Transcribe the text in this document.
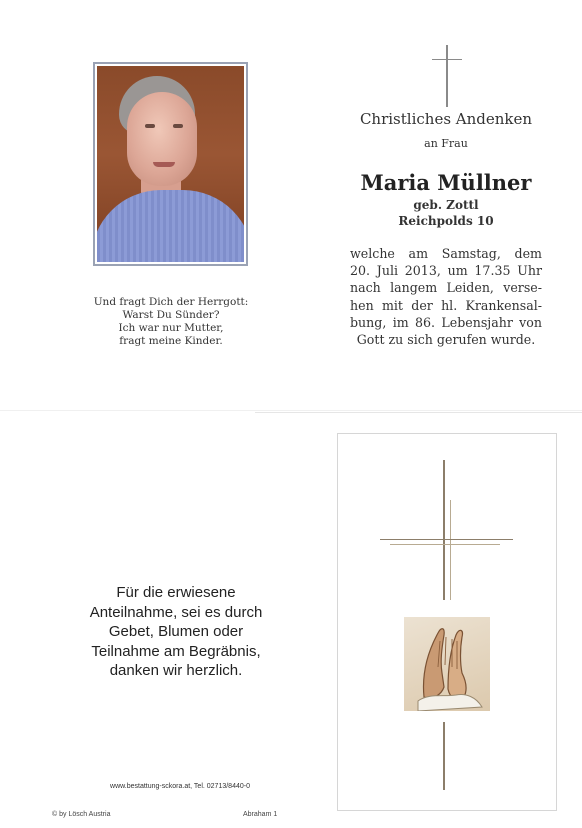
Und fragt Dich der Herrgott:
Warst Du Sünder?
Ich war nur Mutter,
fragt meine Kinder.
Christliches Andenken
an Frau
Maria Müllner
geb. Zottl
Reichpolds 10
welche am Samstag, dem
20. Juli 2013, um 17.35 Uhr
nach langem Leiden, verse-
hen mit der hl. Krankensal-
bung, im 86. Lebensjahr von
Gott zu sich gerufen wurde.
Für die erwiesene
Anteilnahme, sei es durch
Gebet, Blumen oder
Teilnahme am Begräbnis,
danken wir herzlich.
www.bestattung-sckora.at, Tel. 02713/8440-0
© by Lösch Austria	Abraham 1
